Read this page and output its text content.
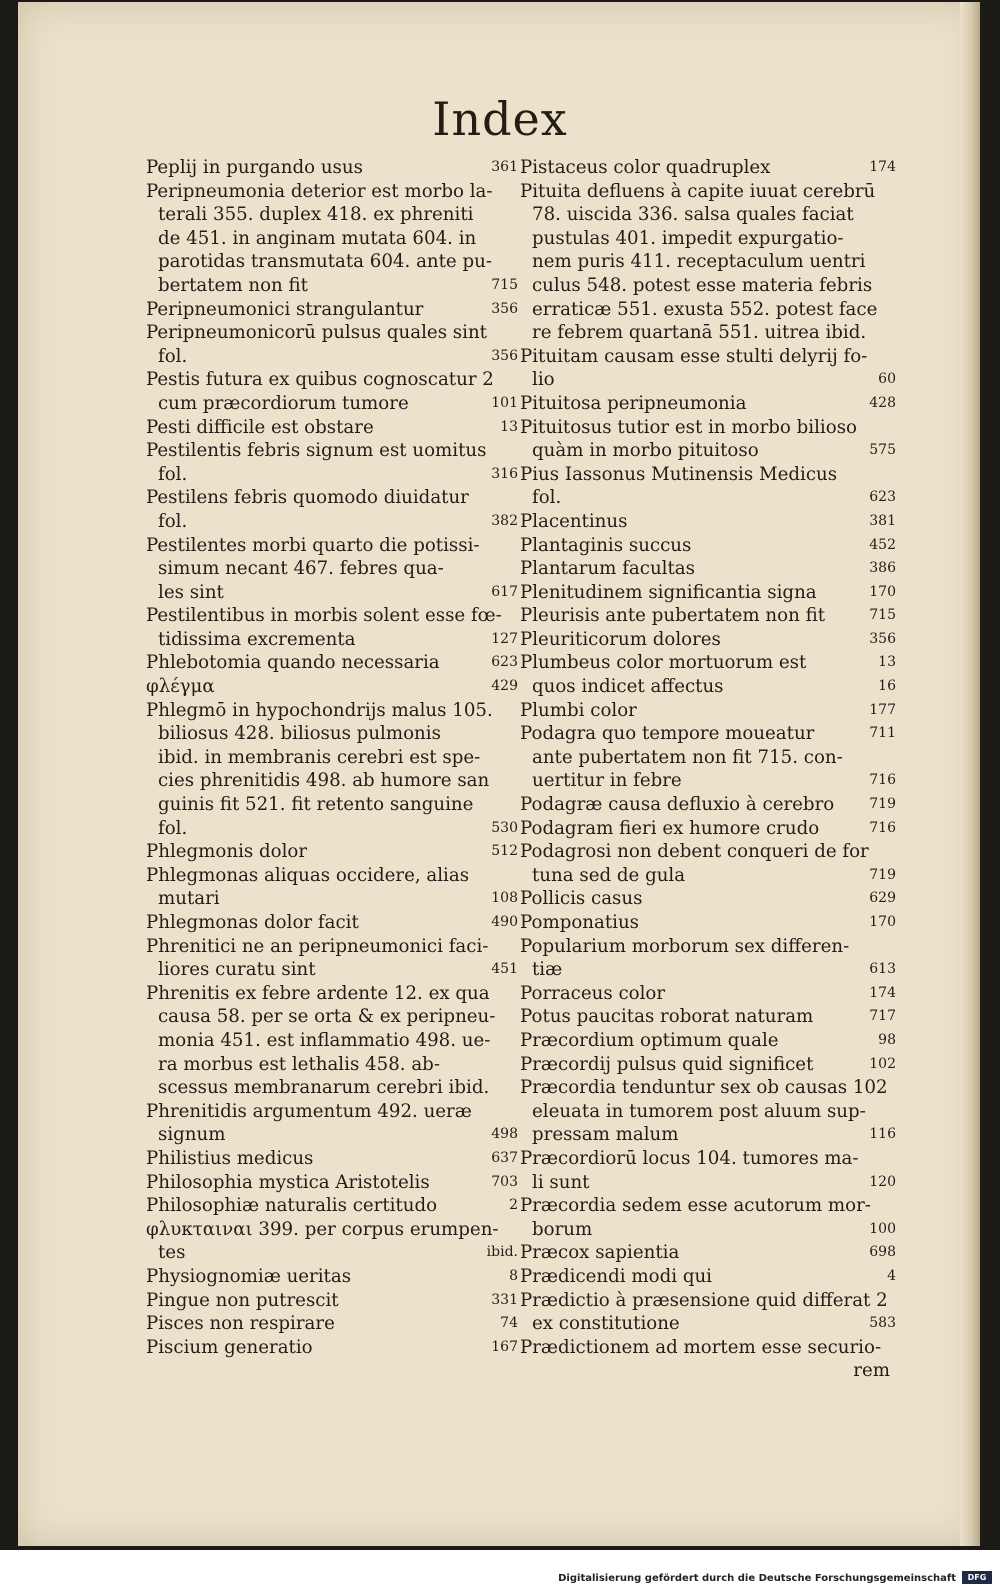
Index
Peplij in purgando usus	361
Peripneumonia deterior est morbo la-
terali 355. duplex 418. ex phreniti
de 451. in anginam mutata 604. in
parotidas transmutata 604. ante pu-
bertatem non fit	715
Peripneumonici strangulantur	356
Peripneumonicorū pulsus quales sint
fol.	356
Pestis futura ex quibus cognoscatur 2
cum præcordiorum tumore	101
Pesti difficile est obstare	13
Pestilentis febris signum est uomitus
fol.	316
Pestilens febris quomodo diuidatur
fol.	382
Pestilentes morbi quarto die potissi-
simum necant 467. febres qua-
les sint	617
Pestilentibus in morbis solent esse fœ-
tidissima excrementa	127
Phlebotomia quando necessaria	623
φλέγμα	429
Phlegmō in hypochondrijs malus 105.
biliosus 428. biliosus pulmonis
ibid. in membranis cerebri est spe-
cies phrenitidis 498. ab humore san
guinis fit 521. fit retento sanguine
fol.	530
Phlegmonis dolor	512
Phlegmonas aliquas occidere, alias
mutari	108
Phlegmonas dolor facit	490
Phrenitici ne an peripneumonici faci-
liores curatu sint	451
Phrenitis ex febre ardente 12. ex qua
causa 58. per se orta & ex peripneu-
monia 451. est inflammatio 498. ue-
ra morbus est lethalis 458. ab-
scessus membranarum cerebri ibid.
Phrenitidis argumentum 492. ueræ
signum	498
Philistius medicus	637
Philosophia mystica Aristotelis	703
Philosophiæ naturalis certitudo	2
φλυκταιναι 399. per corpus erumpen-
tes	ibid.
Physiognomiæ ueritas	8
Pingue non putrescit	331
Pisces non respirare	74
Piscium generatio	167
Pistaceus color quadruplex	174
Pituita defluens à capite iuuat cerebrū
78. uiscida 336. salsa quales faciat
pustulas 401. impedit expurgatio-
nem puris 411. receptaculum uentri
culus 548. potest esse materia febris
erraticæ 551. exusta 552. potest face
re febrem quartanā 551. uitrea ibid.
Pituitam causam esse stulti delyrij fo-
lio	60
Pituitosa peripneumonia	428
Pituitosus tutior est in morbo bilioso
quàm in morbo pituitoso	575
Pius Iassonus Mutinensis Medicus
fol.	623
Placentinus	381
Plantaginis succus	452
Plantarum facultas	386
Plenitudinem significantia signa	170
Pleurisis ante pubertatem non fit	715
Pleuriticorum dolores	356
Plumbeus color mortuorum est	13
quos indicet affectus	16
Plumbi color	177
Podagra quo tempore moueatur	711
ante pubertatem non fit 715. con-
uertitur in febre	716
Podagræ causa defluxio à cerebro	719
Podagram fieri ex humore crudo	716
Podagrosi non debent conqueri de for
tuna sed de gula	719
Pollicis casus	629
Pomponatius	170
Popularium morborum sex differen-
tiæ	613
Porraceus color	174
Potus paucitas roborat naturam	717
Præcordium optimum quale	98
Præcordij pulsus quid significet	102
Præcordia tenduntur sex ob causas 102
eleuata in tumorem post aluum sup-
pressam malum	116
Præcordiorū locus 104. tumores ma-
li sunt	120
Præcordia sedem esse acutorum mor-
borum	100
Præcox sapientia	698
Prædicendi modi qui	4
Prædictio à præsensione quid differat 2
ex constitutione	583
Prædictionem ad mortem esse securio-
rem
Digitalisierung gefördert durch die Deutsche Forschungsgemeinschaft	DFG
